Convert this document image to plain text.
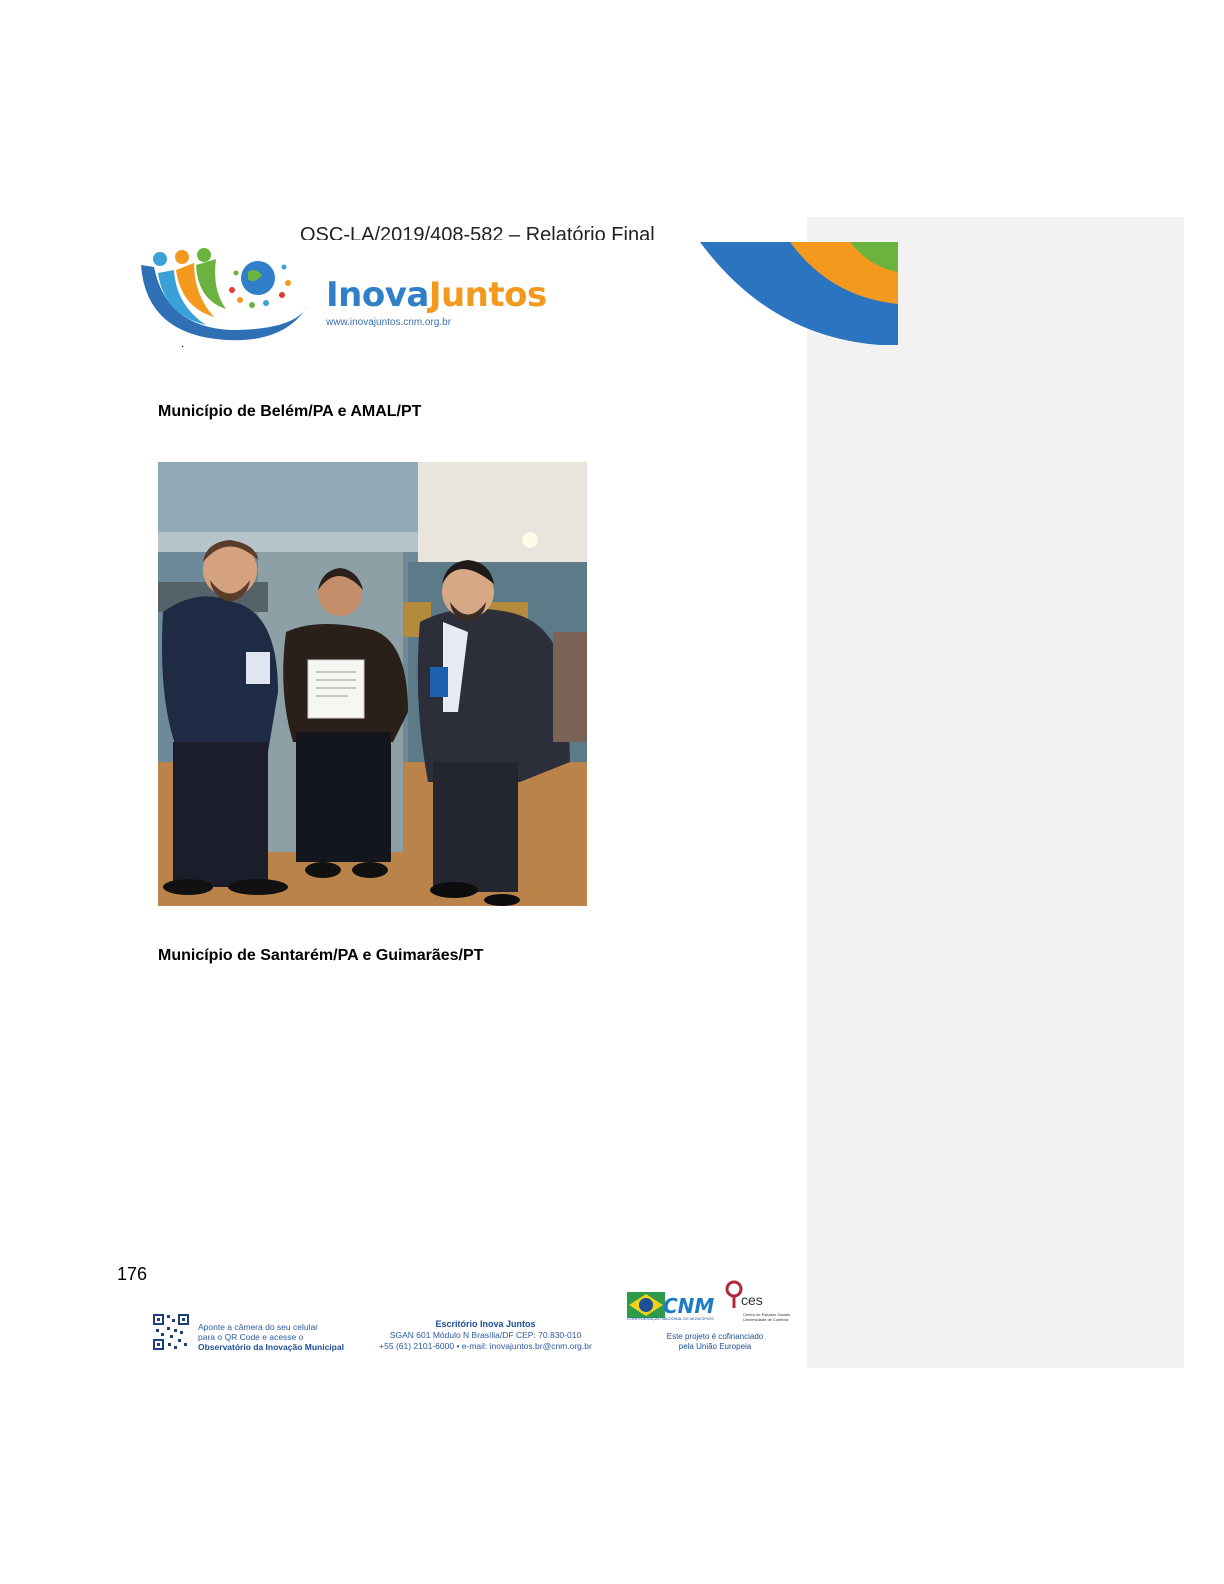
OSC-LA/2019/408-582 – Relatório Final
InovaJuntos
www.inovajuntos.cnm.org.br
.
Município de Belém/PA e AMAL/PT
Município de Santarém/PA e Guimarães/PT
176
Aponte a câmera do seu celular
para o QR Code e acesse o
Observatório da Inovação Municipal
Escritório Inova Juntos
SGAN 601 Módulo N Brasília/DF CEP: 70.830-010
+55 (61) 2101-6000 • e-mail: inovajuntos.br@cnm.org.br
CNM
CONFEDERAÇÃO NACIONAL DE MUNICÍPIOS
ces
Centro de Estudos Sociais Universidade de Coimbra
Este projeto é cofinanciado
pela União Europeia
